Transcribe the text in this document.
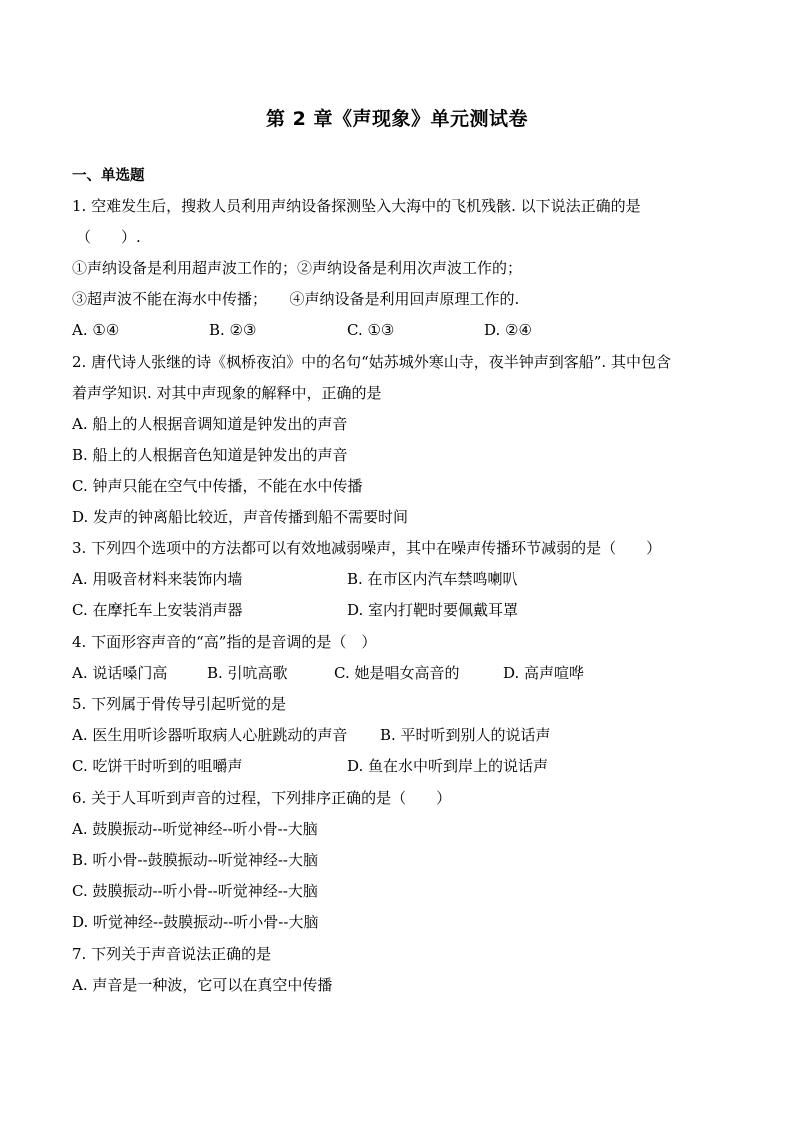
第 2 章《声现象》单元测试卷
一、单选题
1. 空难发生后，搜救人员利用声纳设备探测坠入大海中的飞机残骸. 以下说法正确的是
（　　）.
①声纳设备是利用超声波工作的；②声纳设备是利用次声波工作的；
③超声波不能在海水中传播；　　④声纳设备是利用回声原理工作的.
A. ①④	B. ②③	C. ①③	D. ②④
2. 唐代诗人张继的诗《枫桥夜泊》中的名句“姑苏城外寒山寺，夜半钟声到客船”. 其中包含
着声学知识. 对其中声现象的解释中，正确的是
A. 船上的人根据音调知道是钟发出的声音
B. 船上的人根据音色知道是钟发出的声音
C. 钟声只能在空气中传播，不能在水中传播
D. 发声的钟离船比较近，声音传播到船不需要时间
3. 下列四个选项中的方法都可以有效地减弱噪声，其中在噪声传播环节减弱的是（　　）
A. 用吸音材料来装饰内墙	B. 在市区内汽车禁鸣喇叭
C. 在摩托车上安装消声器	D. 室内打靶时要佩戴耳罩
4. 下面形容声音的“高”指的是音调的是（　）
A. 说话嗓门高	B. 引吭高歌	C. 她是唱女高音的	D. 高声喧哗
5. 下列属于骨传导引起听觉的是
A. 医生用听诊器听取病人心脏跳动的声音 B. 平时听到别人的说话声
C. 吃饼干时听到的咀嚼声	D. 鱼在水中听到岸上的说话声
6. 关于人耳听到声音的过程，下列排序正确的是（　　）
A. 鼓膜振动--听觉神经--听小骨--大脑
B. 听小骨--鼓膜振动--听觉神经--大脑
C. 鼓膜振动--听小骨--听觉神经--大脑
D. 听觉神经--鼓膜振动--听小骨--大脑
7. 下列关于声音说法正确的是
A. 声音是一种波，它可以在真空中传播
